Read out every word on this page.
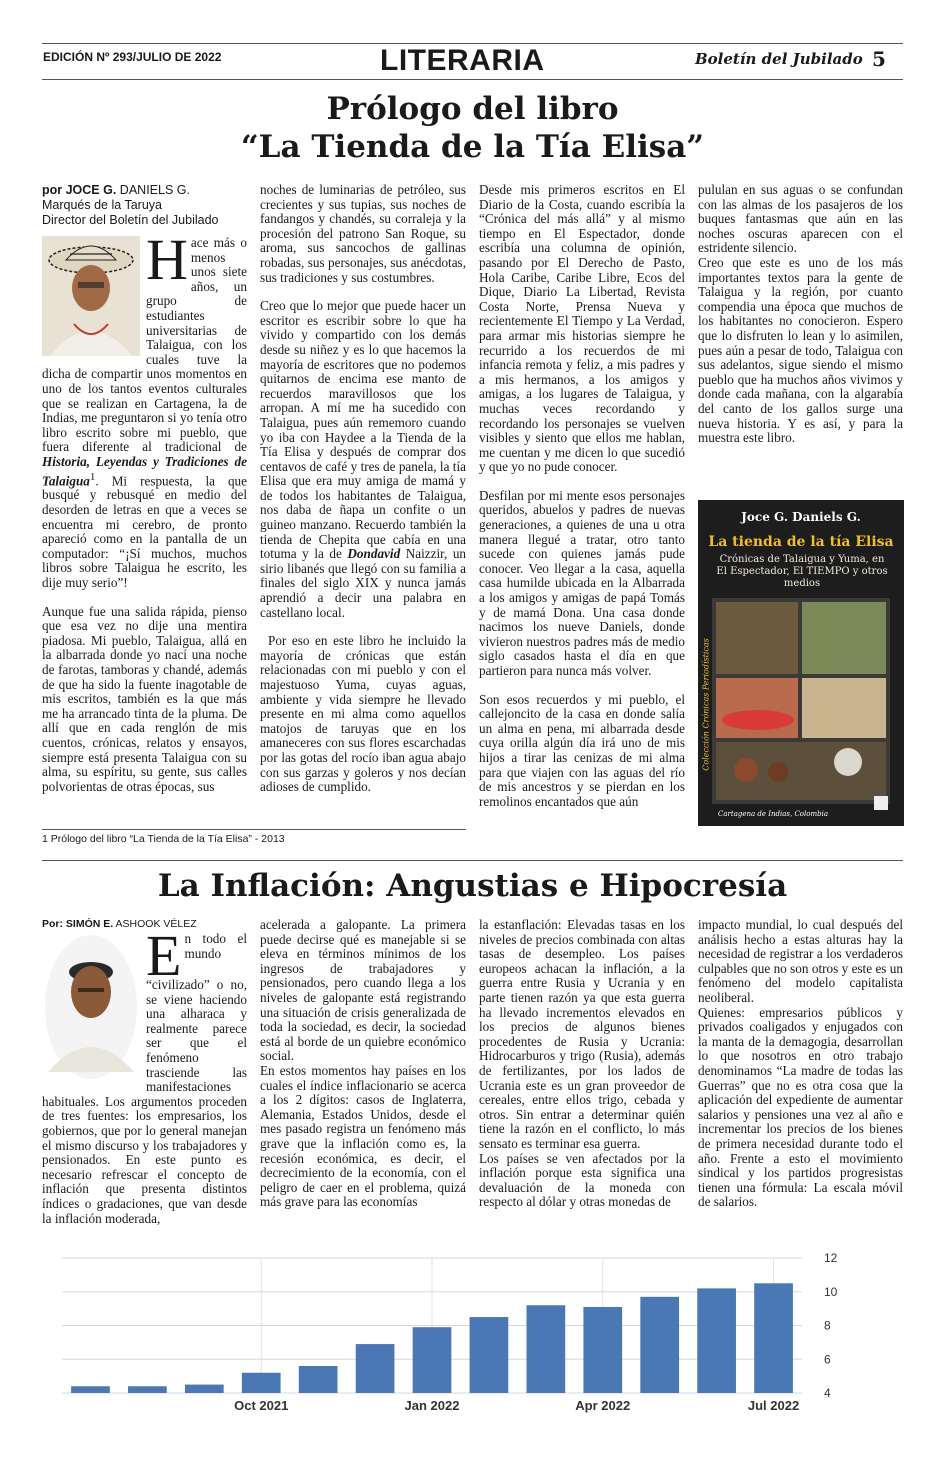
EDICIÓN Nº 293/JULIO DE 2022	LITERARIA	Boletín del Jubilado 5
Prólogo del libro
“La Tienda de la Tía Elisa”
por JOCE G. DANIELS G.
Marqués de la Taruya
Director del Boletín del Jubilado
H ace más o menos unos siete años, un grupo de estudiantes universitarias de Talaigua, con los cuales tuve la dicha de compartir unos momentos en uno de los tantos eventos culturales que se realizan en Cartagena, la de Indias, me preguntaron si yo tenía otro libro escrito sobre mi pueblo, que fuera diferente al tradicional de Historia, Leyendas y Tradiciones de Talaigua$^1$. Mi respuesta, la que busqué y rebusqué en medio del desorden de letras en que a veces se encuentra mi cerebro, de pronto apareció como en la pantalla de un computador: “¡Sí muchos, muchos libros sobre Talaigua he escrito, les dije muy serio”!

Aunque fue una salida rápida, pienso que esa vez no dije una mentira piadosa. Mi pueblo, Talaigua, allá en la albarrada donde yo nací una noche de farotas, tamboras y chandé, además de que ha sido la fuente inagotable de mis escritos, también es la que más me ha arrancado tinta de la pluma. De allí que en cada renglón de mis cuentos, crónicas, relatos y ensayos, siempre está presenta Talaigua con su alma, su espíritu, su gente, sus calles polvorientas de otras épocas, sus

noches de luminarias de petróleo, sus crecientes y sus tupias, sus noches de fandangos y chandés, su corraleja y la procesión del patrono San Roque, su aroma, sus sancochos de gallinas robadas, sus personajes, sus anécdotas, sus tradiciones y sus costumbres.

Creo que lo mejor que puede hacer un escritor es escribir sobre lo que ha vivido y compartido con los demás desde su niñez y es lo que hacemos la mayoría de escritores que no podemos quitarnos de encima ese manto de recuerdos maravillosos que los arropan. A mí me ha sucedido con Talaigua, pues aún rememoro cuando yo iba con Haydee a la Tienda de la Tía Elisa y después de comprar dos centavos de café y tres de panela, la tía Elisa que era muy amiga de mamá y de todos los habitantes de Talaigua, nos daba de ñapa un confite o un guineo manzano. Recuerdo también la tienda de Chepita que cabía en una totuma y la de Dondavid Naizzir, un sirio libanés que llegó con su familia a finales del siglo XIX y nunca jamás aprendió a decir una palabra en castellano local.

Por eso en este libro he incluido la mayoría de crónicas que están relacionadas con mi pueblo y con el majestuoso Yuma, cuyas aguas, ambiente y vida siempre he llevado presente en mi alma como aquellos matojos de taruyas que en los amaneceres con sus flores escarchadas por las gotas del rocío iban agua abajo con sus garzas y goleros y nos decían adioses de cumplido.

Desde mis primeros escritos en El Diario de la Costa, cuando escribía la “Crónica del más allá” y al mismo tiempo en El Espectador, donde escribía una columna de opinión, pasando por El Derecho de Pasto, Hola Caribe, Caribe Libre, Ecos del Dique, Diario La Libertad, Revista Costa Norte, Prensa Nueva y recientemente El Tiempo y La Verdad, para armar mis historias siempre he recurrido a los recuerdos de mi infancia remota y feliz, a mis padres y a mis hermanos, a los amigos y amigas, a los lugares de Talaigua, y muchas veces recordando y recordando los personajes se vuelven visibles y siento que ellos me hablan, me cuentan y me dicen lo que sucedió y que yo no pude conocer.

Desfilan por mi mente esos personajes queridos, abuelos y padres de nuevas generaciones, a quienes de una u otra manera llegué a tratar, otro tanto sucede con quienes jamás pude conocer. Veo llegar a la casa, aquella casa humilde ubicada en la Albarrada a los amigos y amigas de papá Tomás y de mamá Dona. Una casa donde nacimos los nueve Daniels, donde vivieron nuestros padres más de medio siglo casados hasta el día en que partieron para nunca más volver.

Son esos recuerdos y mi pueblo, el callejoncito de la casa en donde salía un alma en pena, mi albarrada desde cuya orilla algún día irá uno de mis hijos a tirar las cenizas de mi alma para que viajen con las aguas del río de mis ancestros y se pierdan en los remolinos encantados que aún

pululan en sus aguas o se confundan con las almas de los pasajeros de los buques fantasmas que aún en las noches oscuras aparecen con el estridente silencio.

Creo que este es uno de los más importantes textos para la gente de Talaigua y la región, por cuanto compendia una época que muchos de los habitantes no conocieron. Espero que lo disfruten lo lean y lo asimilen, pues aún a pesar de todo, Talaigua con sus adelantos, sigue siendo el mismo pueblo que ha muchos años vivimos y donde cada mañana, con la algarabía del canto de los gallos surge una nueva historia. Y es así, y para la muestra este libro.

Joce G. Daniels G.
La tienda de la tía Elisa
Crónicas de Talaigua y Yuma, en El Espectador, El TIEMPO y otros medios
Colección Crónicas Periodísticas
Cartagena de Indias, Colombia
1 Prólogo del libro “La Tienda de la Tía Elisa” - 2013
La Inflación: Angustias e Hipocresía
Por: SIMÓN E. ASHOOK VÉLEZ
E n todo el mundo “civilizado” o no, se viene haciendo una alharaca y realmente parece ser que el fenómeno trasciende las manifestaciones habituales. Los argumentos proceden de tres fuentes: los empresarios, los gobiernos, que por lo general manejan el mismo discurso y los trabajadores y pensionados. En este punto es necesario refrescar el concepto de inflación que presenta distintos índices o gradaciones, que van desde la inflación moderada,

acelerada a galopante. La primera puede decirse qué es manejable si se eleva en términos mínimos de los ingresos de trabajadores y pensionados, pero cuando llega a los niveles de galopante está registrando una situación de crisis generalizada de toda la sociedad, es decir, la sociedad está al borde de un quiebre económico social.

En estos momentos hay países en los cuales el índice inflacionario se acerca a los 2 dígitos: casos de Inglaterra, Alemania, Estados Unidos, desde el mes pasado registra un fenómeno más grave que la inflación como es, la recesión económica, es decir, el decrecimiento de la economía, con el peligro de caer en el problema, quizá más grave para las economías

la estanflación: Elevadas tasas en los niveles de precios combinada con altas tasas de desempleo. Los países europeos achacan la inflación, a la guerra entre Rusia y Ucrania y en parte tienen razón ya que esta guerra ha llevado incrementos elevados en los precios de algunos bienes procedentes de Rusia y Ucrania: Hidrocarburos y trigo (Rusia), además de fertilizantes, por los lados de Ucrania este es un gran proveedor de cereales, entre ellos trigo, cebada y otros. Sin entrar a determinar quién tiene la razón en el conflicto, lo más sensato es terminar esa guerra.

Los países se ven afectados por la inflación porque esta significa una devaluación de la moneda con respecto al dólar y otras monedas de

impacto mundial, lo cual después del análisis hecho a estas alturas hay la necesidad de registrar a los verdaderos culpables que no son otros y este es un fenómeno del modelo capitalista neoliberal.

Quienes: empresarios públicos y privados coaligados y enjugados con la manta de la demagogia, desarrollan lo que nosotros en otro trabajo denominamos “La madre de todas las Guerras” que no es otra cosa que la aplicación del expediente de aumentar salarios y pensiones una vez al año e incrementar los precios de los bienes de primera necesidad durante todo el año. Frente a esto el movimiento sindical y los partidos progresistas tienen una fórmula: La escala móvil de salarios.

4
6
8
10
12
Oct 2021	Jan 2022	Apr 2022	Jul 2022
